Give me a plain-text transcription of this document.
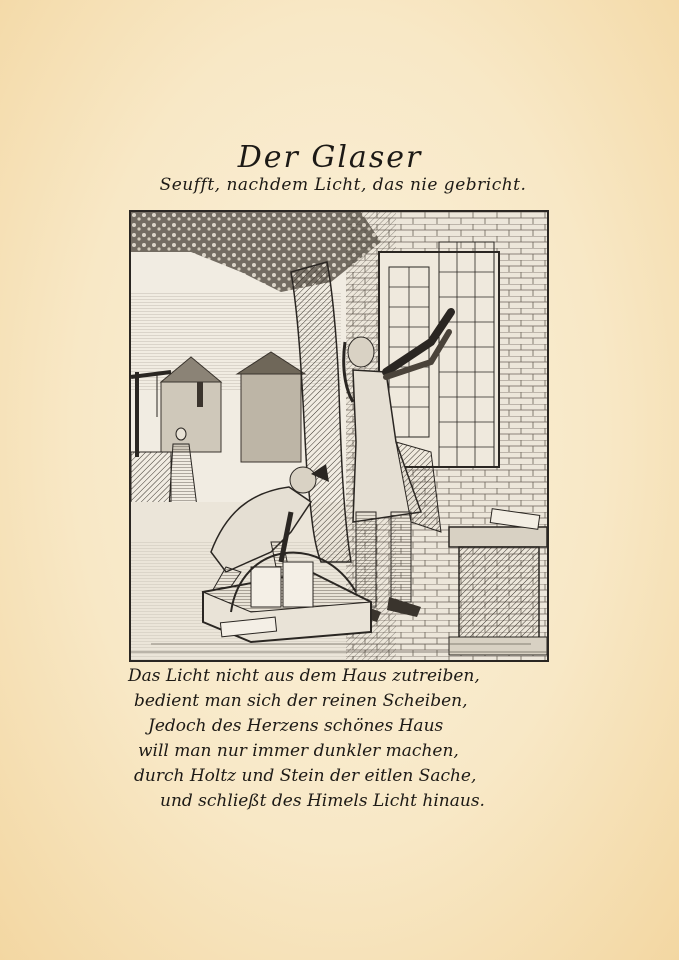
Der Glaser
Seufft, nachdem Licht, das nie gebricht.
Das Licht nicht aus dem Haus zutreiben,
bedient man sich der reinen Scheiben,
Jedoch des Herzens schönes Haus
will man nur immer dunkler machen,
durch Holtz und Stein der eitlen Sache,
und schließt des Himels Licht hinaus.
